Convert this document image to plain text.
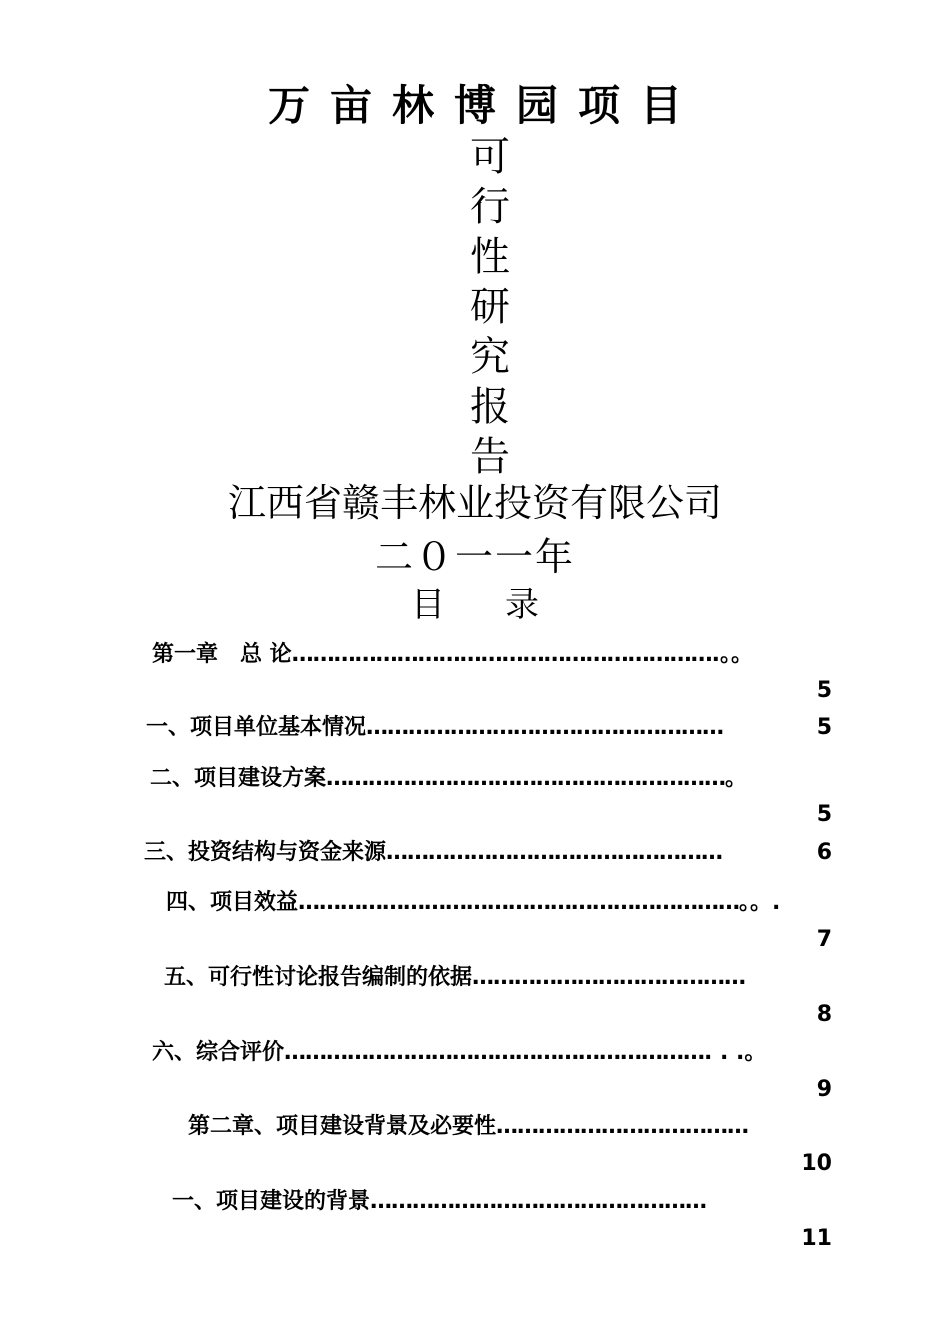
万亩林博园项目
可
行
性
研
究
报
告
江西省赣丰林业投资有限公司
二０一一年
目 录
第一章　总 论…………………………………………………….。。
5
一、项目单位基本情况……………………………………………	5
二、项目建设方案…………………………………………………。
5
三、投资结构与资金来源…………………………………………	6
四、项目效益………………………………………………………。。.
7
五、可行性讨论报告编制的依据…………………………………
8
六、综合评价……………………………………………………. . .。
9
第二章、项目建设背景及必要性………………………………
10
一、项目建设的背景…………………………………………
11
